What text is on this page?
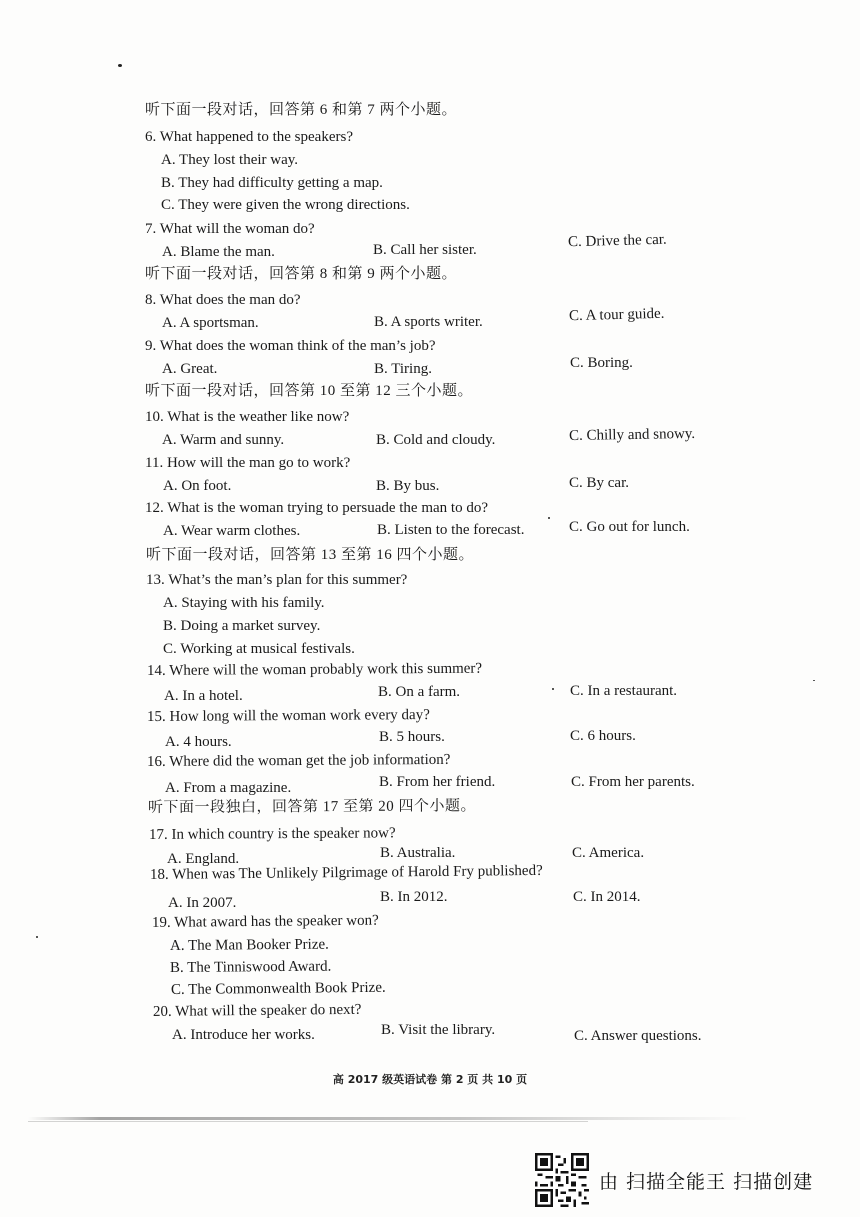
听下面一段对话，回答第 6 和第 7 两个小题。
6. What happened to the speakers?
A. They lost their way.
B. They had difficulty getting a map.
C. They were given the wrong directions.
7. What will the woman do?
A. Blame the man.	B. Call her sister.	C. Drive the car.
听下面一段对话，回答第 8 和第 9 两个小题。
8. What does the man do?
A. A sportsman.	B. A sports writer.	C. A tour guide.
9. What does the woman think of the man’s job?
A. Great.	B. Tiring.	C. Boring.
听下面一段对话，回答第 10 至第 12 三个小题。
10. What is the weather like now?
A. Warm and sunny.	B. Cold and cloudy.	C. Chilly and snowy.
11. How will the man go to work?
A. On foot.	B. By bus.	C. By car.
12. What is the woman trying to persuade the man to do?
A. Wear warm clothes.	B. Listen to the forecast.	C. Go out for lunch.
听下面一段对话，回答第 13 至第 16 四个小题。
13. What’s the man’s plan for this summer?
A. Staying with his family.
B. Doing a market survey.
C. Working at musical festivals.
14. Where will the woman probably work this summer?
A. In a hotel.	B. On a farm.	C. In a restaurant.
15. How long will the woman work every day?
A. 4 hours.	B. 5 hours.	C. 6 hours.
16. Where did the woman get the job information?
A. From a magazine.	B. From her friend.	C. From her parents.
听下面一段独白，回答第 17 至第 20 四个小题。
17. In which country is the speaker now?
A. England.	B. Australia.	C. America.
18. When was The Unlikely Pilgrimage of Harold Fry published?
A. In 2007.	B. In 2012.	C. In 2014.
19. What award has the speaker won?
A. The Man Booker Prize.
B. The Tinniswood Award.
C. The Commonwealth Book Prize.
20. What will the speaker do next?
A. Introduce her works.	B. Visit the library.	C. Answer questions.
高 2017 级英语试卷 第 2 页 共 10 页
由 扫描全能王 扫描创建
